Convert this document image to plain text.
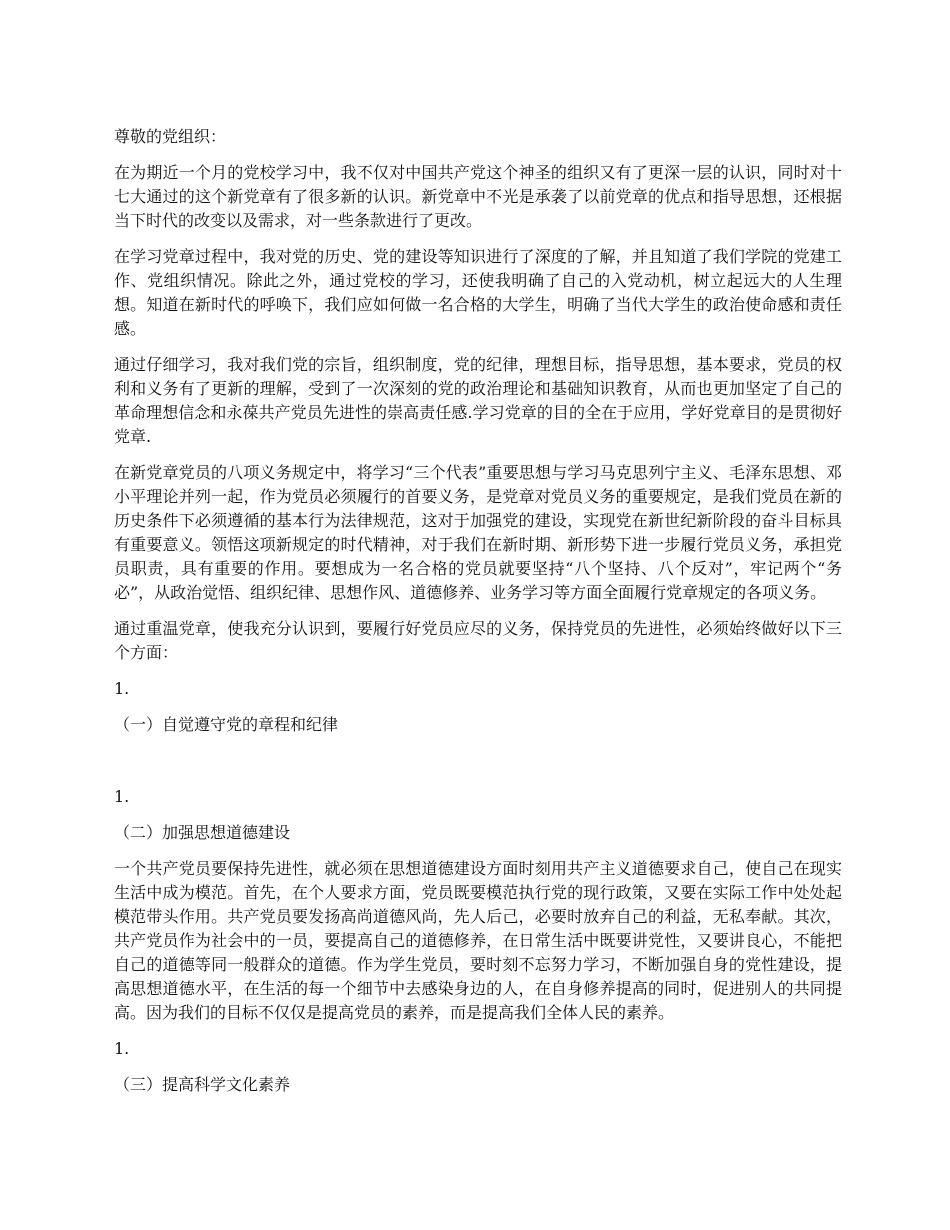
尊敬的党组织：

在为期近一个月的党校学习中，我不仅对中国共产党这个神圣的组织又有了更深一层的认识，同时对十七大通过的这个新党章有了很多新的认识。新党章中不光是承袭了以前党章的优点和指导思想，还根据当下时代的改变以及需求，对一些条款进行了更改。

在学习党章过程中，我对党的历史、党的建设等知识进行了深度的了解，并且知道了我们学院的党建工作、党组织情况。除此之外，通过党校的学习，还使我明确了自己的入党动机，树立起远大的人生理想。知道在新时代的呼唤下，我们应如何做一名合格的大学生，明确了当代大学生的政治使命感和责任感。

通过仔细学习，我对我们党的宗旨，组织制度，党的纪律，理想目标，指导思想，基本要求，党员的权利和义务有了更新的理解，受到了一次深刻的党的政治理论和基础知识教育，从而也更加坚定了自己的革命理想信念和永葆共产党员先进性的崇高责任感.学习党章的目的全在于应用，学好党章目的是贯彻好党章.

在新党章党员的八项义务规定中，将学习“三个代表”重要思想与学习马克思列宁主义、毛泽东思想、邓小平理论并列一起，作为党员必须履行的首要义务，是党章对党员义务的重要规定，是我们党员在新的历史条件下必须遵循的基本行为法律规范，这对于加强党的建设，实现党在新世纪新阶段的奋斗目标具有重要意义。领悟这项新规定的时代精神，对于我们在新时期、新形势下进一步履行党员义务，承担党员职责，具有重要的作用。要想成为一名合格的党员就要坚持“八个坚持、八个反对”，牢记两个“务必”，从政治觉悟、组织纪律、思想作风、道德修养、业务学习等方面全面履行党章规定的各项义务。

通过重温党章，使我充分认识到，要履行好党员应尽的义务，保持党员的先进性，必须始终做好以下三个方面：

1.

（一）自觉遵守党的章程和纪律

1.

（二）加强思想道德建设

一个共产党员要保持先进性，就必须在思想道德建设方面时刻用共产主义道德要求自己，使自己在现实生活中成为模范。首先，在个人要求方面，党员既要模范执行党的现行政策，又要在实际工作中处处起模范带头作用。共产党员要发扬高尚道德风尚，先人后己，必要时放弃自己的利益，无私奉献。其次，共产党员作为社会中的一员，要提高自己的道德修养，在日常生活中既要讲党性，又要讲良心，不能把自己的道德等同一般群众的道德。作为学生党员，要时刻不忘努力学习，不断加强自身的党性建设，提高思想道德水平，在生活的每一个细节中去感染身边的人，在自身修养提高的同时，促进别人的共同提高。因为我们的目标不仅仅是提高党员的素养，而是提高我们全体人民的素养。

1.

（三）提高科学文化素养
